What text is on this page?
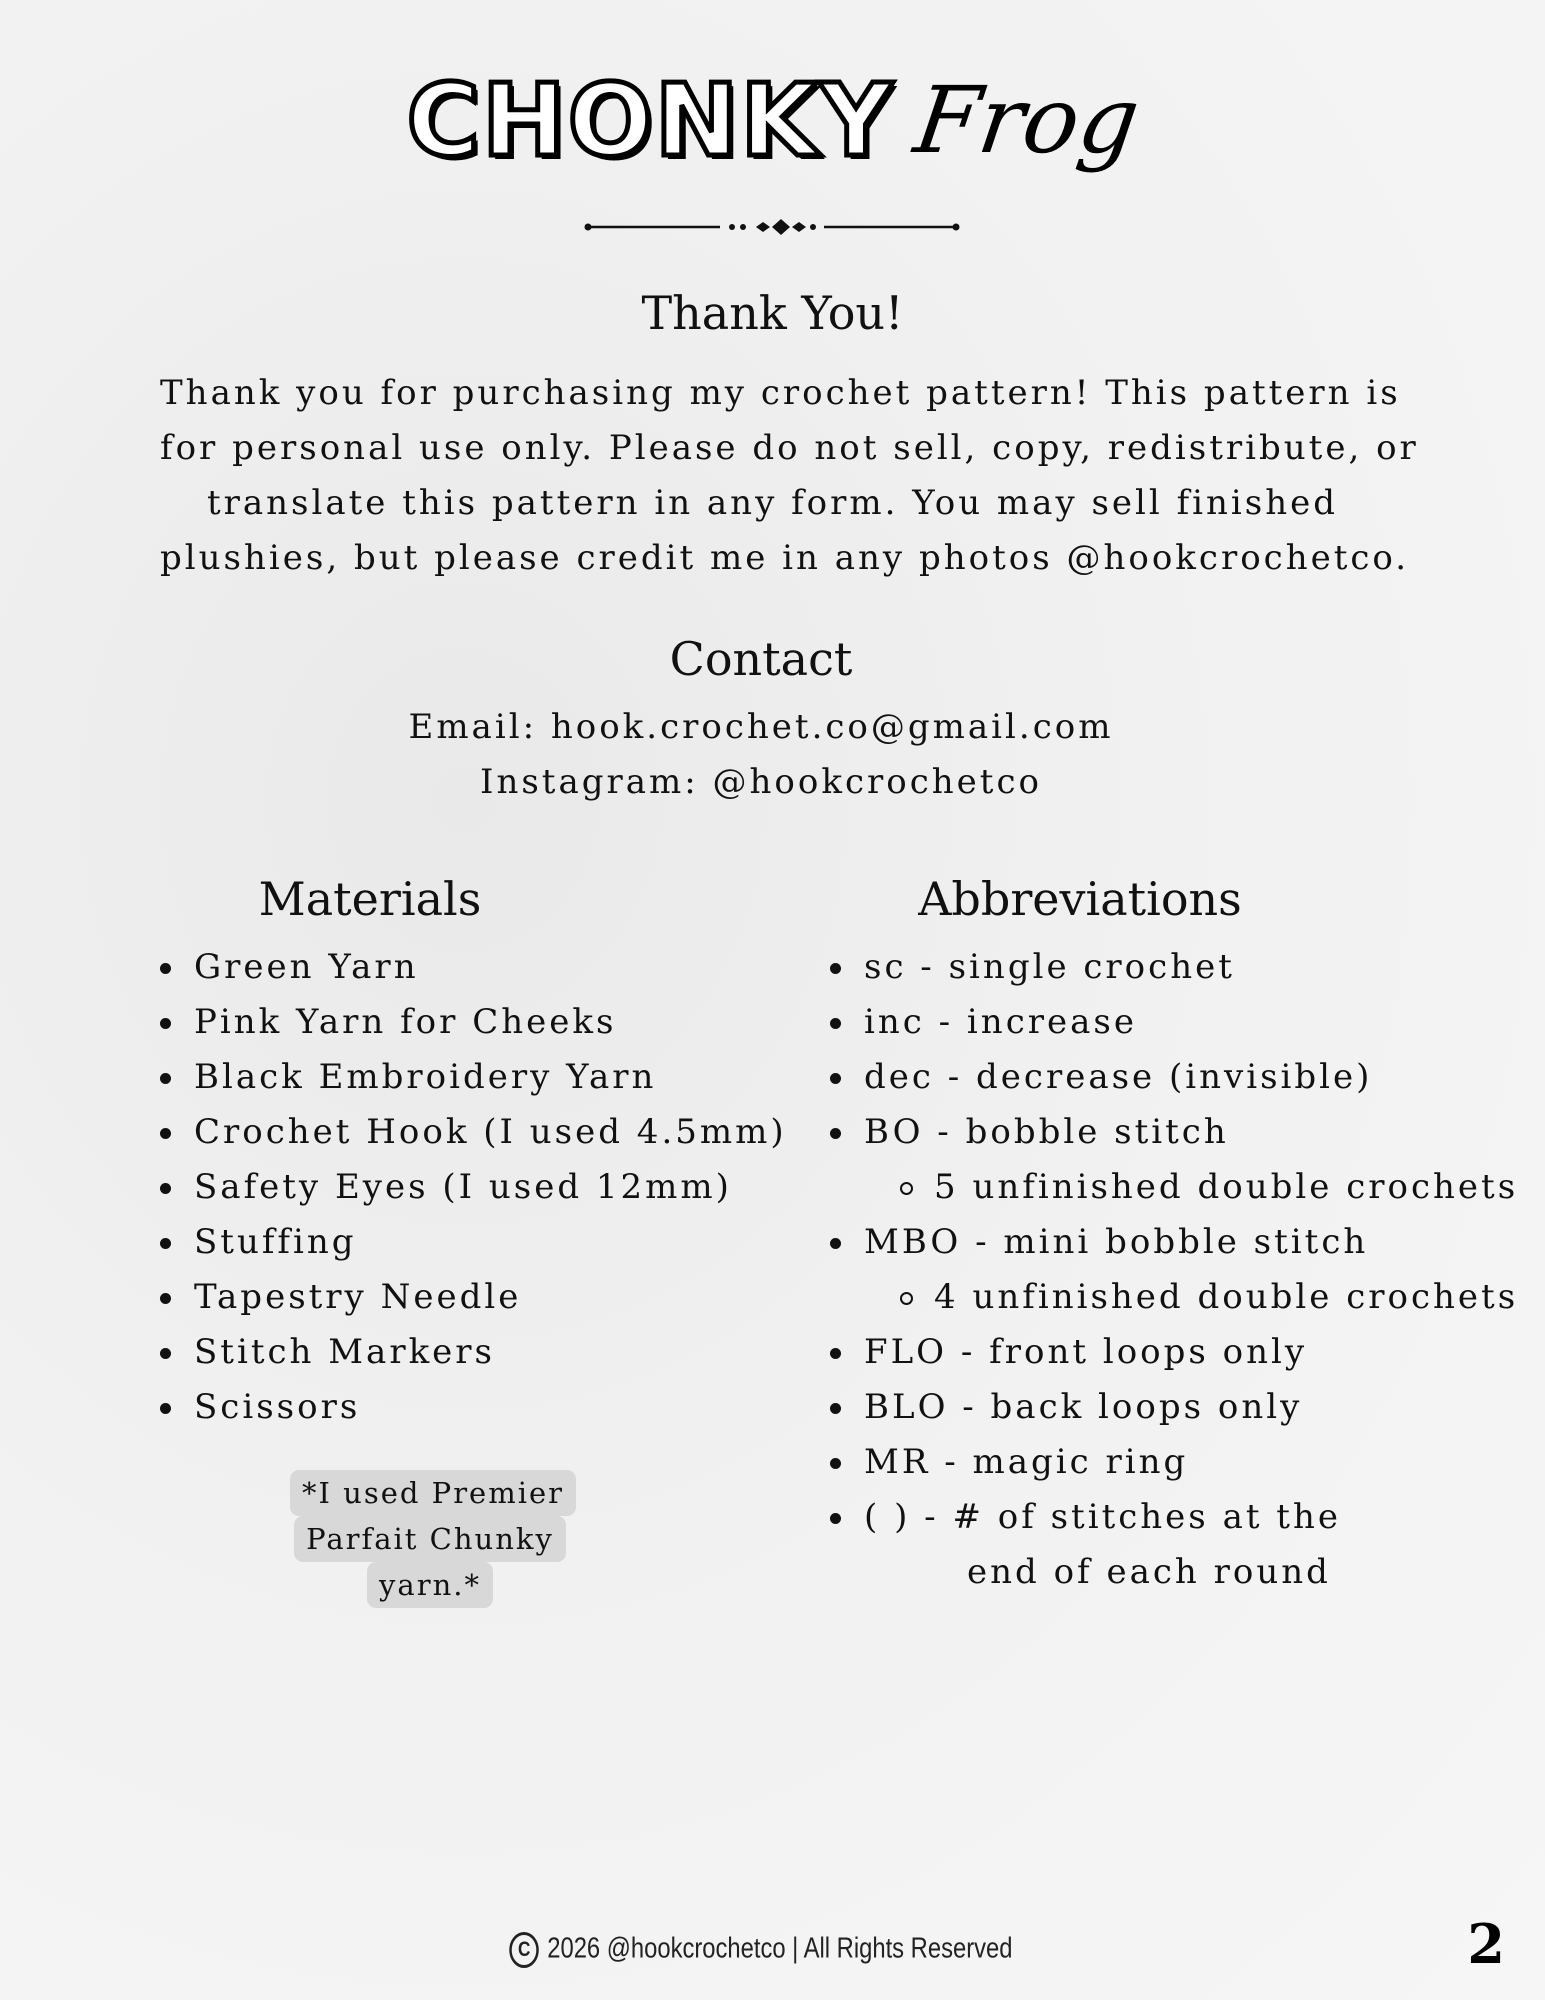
CHONKY Frog
Thank You!
Thank you for purchasing my crochet pattern! This pattern is
for personal use only. Please do not sell, copy, redistribute, or
translate this pattern in any form. You may sell finished
plushies, but please credit me in any photos @hookcrochetco.
Contact
Email: hook.crochet.co@gmail.com
Instagram: @hookcrochetco
Materials
Green Yarn
Pink Yarn for Cheeks
Black Embroidery Yarn
Crochet Hook (I used 4.5mm)
Safety Eyes (I used 12mm)
Stuffing
Tapestry Needle
Stitch Markers
Scissors
*I used Premier
Parfait Chunky
yarn.*
Abbreviations
sc - single crochet
inc - increase
dec - decrease (invisible)
BO - bobble stitch
5 unfinished double crochets
MBO - mini bobble stitch
4 unfinished double crochets
FLO - front loops only
BLO - back loops only
MR - magic ring
( ) - # of stitches at the
end of each round
C 2026 @hookcrochetco | All Rights Reserved	2
